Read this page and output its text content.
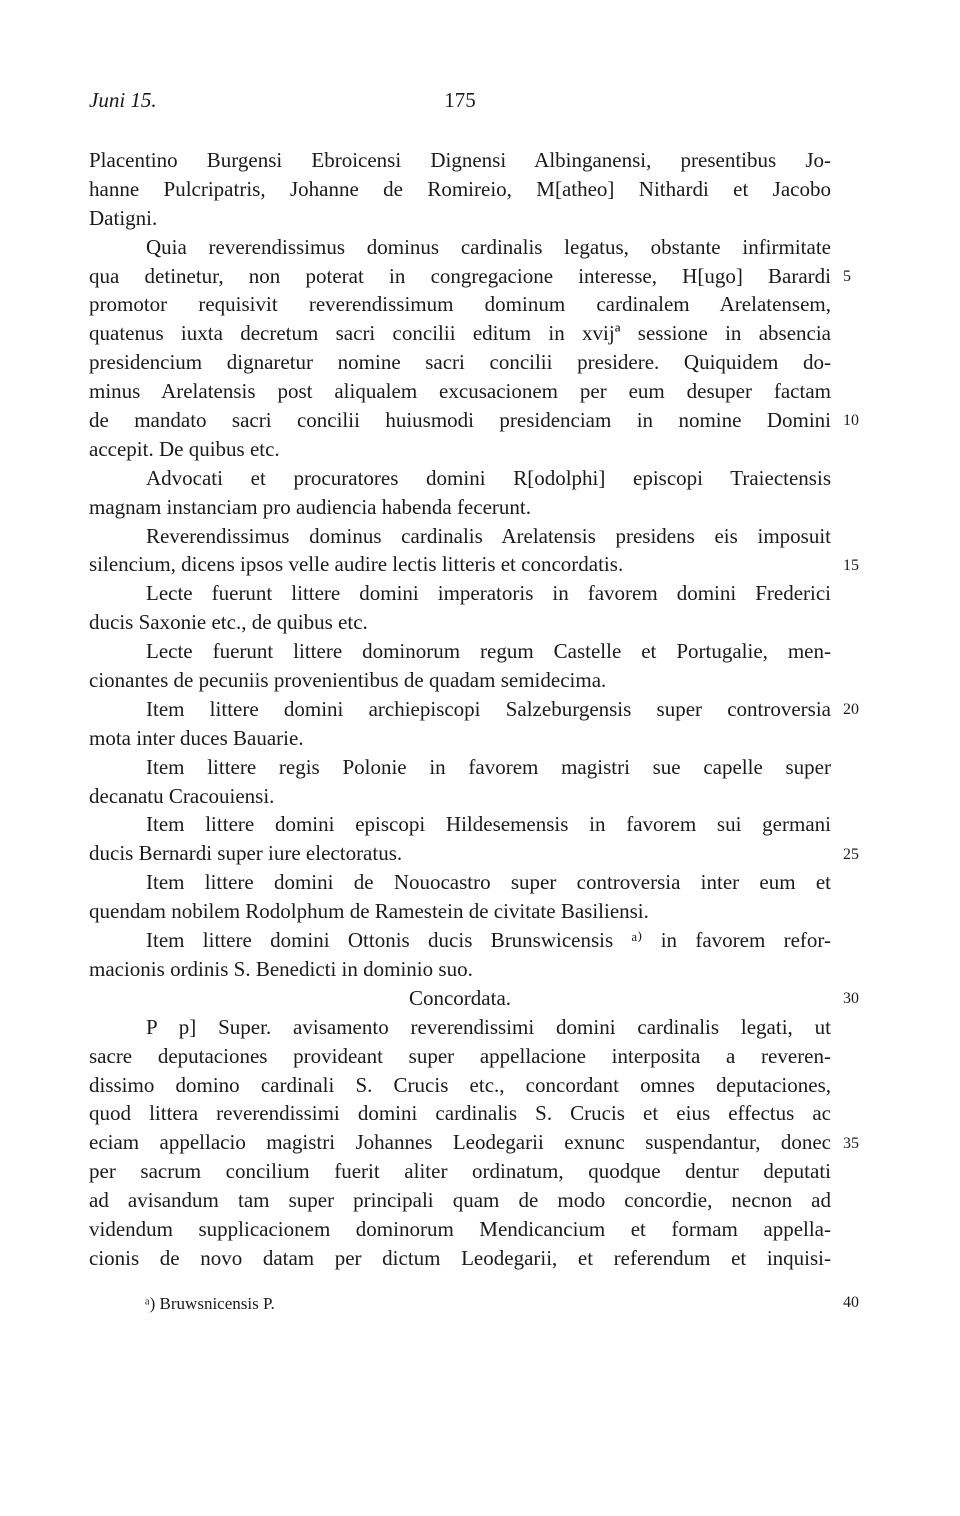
Juni 15.	175
Placentino Burgensi Ebroicensi Dignensi Albinganensi, presentibus Jo-
hanne Pulcripatris, Johanne de Romireio, M[atheo] Nithardi et Jacobo
Datigni.
Quia reverendissimus dominus cardinalis legatus, obstante infirmitate
qua detinetur, non poterat in congregacione interesse, H[ugo] Barardi
promotor requisivit reverendissimum dominum cardinalem Arelatensem,
quatenus iuxta decretum sacri concilii editum in xvijª sessione in absencia
presidencium dignaretur nomine sacri concilii presidere. Quiquidem do-
minus Arelatensis post aliqualem excusacionem per eum desuper factam
de mandato sacri concilii huiusmodi presidenciam in nomine Domini
accepit. De quibus etc.
Advocati et procuratores domini R[odolphi] episcopi Traiectensis
magnam instanciam pro audiencia habenda fecerunt.
Reverendissimus dominus cardinalis Arelatensis presidens eis imposuit
silencium, dicens ipsos velle audire lectis litteris et concordatis.
Lecte fuerunt littere domini imperatoris in favorem domini Frederici
ducis Saxonie etc., de quibus etc.
Lecte fuerunt littere dominorum regum Castelle et Portugalie, men-
cionantes de pecuniis provenientibus de quadam semidecima.
Item littere domini archiepiscopi Salzeburgensis super controversia
mota inter duces Bauarie.
Item littere regis Polonie in favorem magistri sue capelle super
decanatu Cracouiensi.
Item littere domini episcopi Hildesemensis in favorem sui germani
ducis Bernardi super iure electoratus.
Item littere domini de Nouocastro super controversia inter eum et
quendam nobilem Rodolphum de Ramestein de civitate Basiliensi.
Item littere domini Ottonis ducis Brunswicensis ᵃ⁾ in favorem refor-
macionis ordinis S. Benedicti in dominio suo.
Concordata.
P p] Super. avisamento reverendissimi domini cardinalis legati, ut
sacre deputaciones provideant super appellacione interposita a reveren-
dissimo domino cardinali S. Crucis etc., concordant omnes deputaciones,
quod littera reverendissimi domini cardinalis S. Crucis et eius effectus ac
eciam appellacio magistri Johannes Leodegarii exnunc suspendantur, donec
per sacrum concilium fuerit aliter ordinatum, quodque dentur deputati
ad avisandum tam super principali quam de modo concordie, necnon ad
videndum supplicacionem dominorum Mendicancium et formam appella-
cionis de novo datam per dictum Leodegarii, et referendum et inquisi-
5
10
15
20
25
30
35
ᵃ) Bruwsnicensis P.	40
